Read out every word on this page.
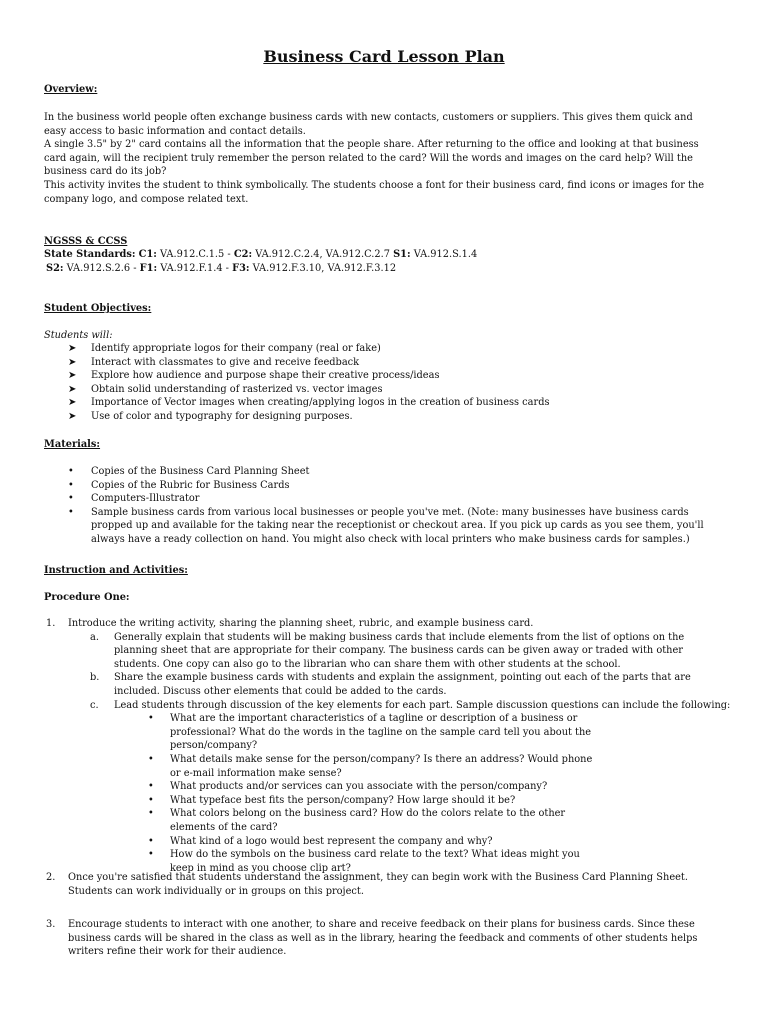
Business Card Lesson Plan
Overview:

In the business world people often exchange business cards with new contacts, customers or suppliers. This gives them quick and easy access to basic information and contact details.

A single 3.5" by 2" card contains all the information that the people share. After returning to the office and looking at that business card again, will the recipient truly remember the person related to the card? Will the words and images on the card help? Will the business card do its job?

This activity invites the student to think symbolically. The students choose a font for their business card, find icons or images for the company logo, and compose related text.

NGSSS & CCSS

State Standards: C1: VA.912.C.1.5 - C2: VA.912.C.2.4, VA.912.C.2.7 S1: VA.912.S.1.4

S2: VA.912.S.2.6 - F1: VA.912.F.1.4 - F3: VA.912.F.3.10, VA.912.F.3.12

Student Objectives:
Students will:
➤ Identify appropriate logos for their company (real or fake)
➤ Interact with classmates to give and receive feedback
➤ Explore how audience and purpose shape their creative process/ideas
➤ Obtain solid understanding of rasterized vs. vector images
➤ Importance of Vector images when creating/applying logos in the creation of business cards
➤ Use of color and typography for designing purposes.
Materials:
• Copies of the Business Card Planning Sheet
• Copies of the Rubric for Business Cards
• Computers-Illustrator
• Sample business cards from various local businesses or people you've met. (Note: many businesses have business cards propped up and available for the taking near the receptionist or checkout area. If you pick up cards as you see them, you'll always have a ready collection on hand. You might also check with local printers who make business cards for samples.)
Instruction and Activities:
Procedure One:
1. Introduce the writing activity, sharing the planning sheet, rubric, and example business card.

a. Generally explain that students will be making business cards that include elements from the list of options on the planning sheet that are appropriate for their company. The business cards can be given away or traded with other students. One copy can also go to the librarian who can share them with other students at the school.
b. Share the example business cards with students and explain the assignment, pointing out each of the parts that are included. Discuss other elements that could be added to the cards.
c. Lead students through discussion of the key elements for each part. Sample discussion questions can include the following:
• What are the important characteristics of a tagline or description of a business or professional? What do the words in the tagline on the sample card tell you about the person/company?
• What details make sense for the person/company? Is there an address? Would phone or e-mail information make sense?
• What products and/or services can you associate with the person/company?
• What typeface best fits the person/company? How large should it be?
• What colors belong on the business card? How do the colors relate to the other elements of the card?
• What kind of a logo would best represent the company and why?
• How do the symbols on the business card relate to the text? What ideas might you keep in mind as you choose clip art?
2. Once you're satisfied that students understand the assignment, they can begin work with the Business Card Planning Sheet. Students can work individually or in groups on this project.

3. Encourage students to interact with one another, to share and receive feedback on their plans for business cards. Since these business cards will be shared in the class as well as in the library, hearing the feedback and comments of other students helps writers refine their work for their audience.
